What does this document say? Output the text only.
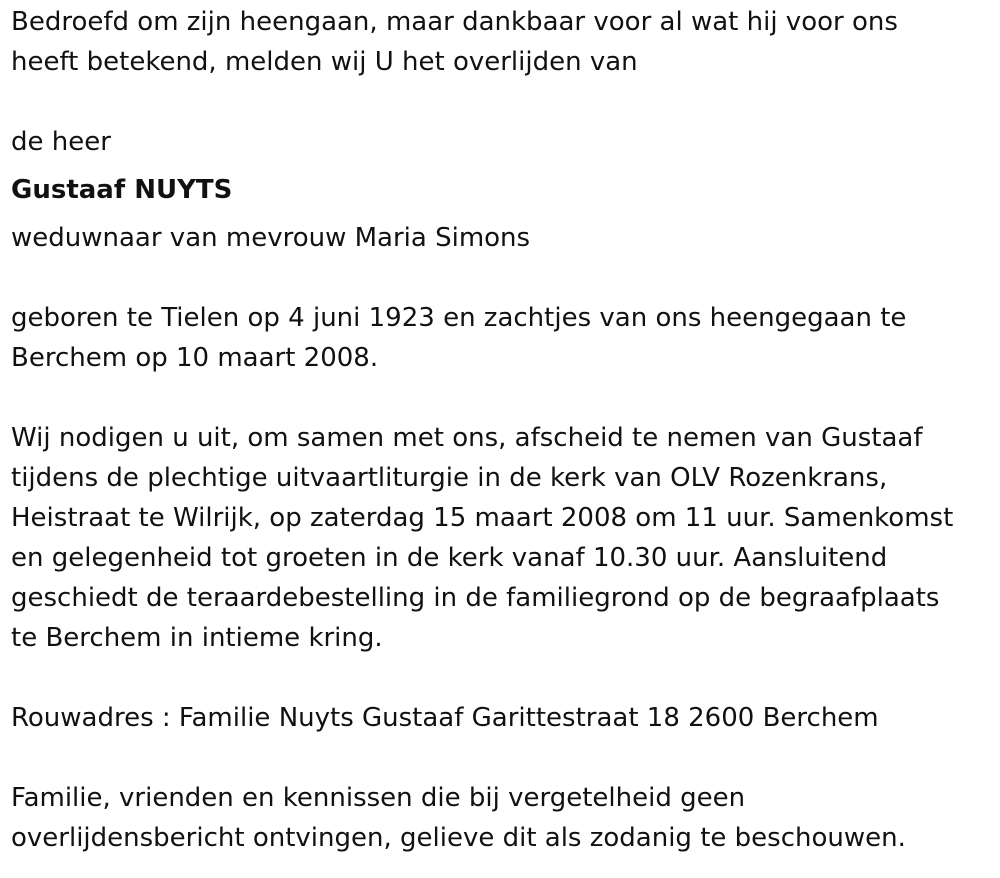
Bedroefd om zijn heengaan, maar dankbaar voor al wat hij voor ons

heeft betekend, melden wij U het overlijden van

de heer

Gustaaf NUYTS

weduwnaar van mevrouw Maria Simons

geboren te Tielen op 4 juni 1923 en zachtjes van ons heengegaan te

Berchem op 10 maart 2008.

Wij nodigen u uit, om samen met ons, afscheid te nemen van Gustaaf

tijdens de plechtige uitvaartliturgie in de kerk van OLV Rozenkrans,

Heistraat te Wilrijk, op zaterdag 15 maart 2008 om 11 uur. Samenkomst

en gelegenheid tot groeten in de kerk vanaf 10.30 uur. Aansluitend

geschiedt de teraardebestelling in de familiegrond op de begraafplaats

te Berchem in intieme kring.

Rouwadres : Familie Nuyts Gustaaf Garittestraat 18 2600 Berchem

Familie, vrienden en kennissen die bij vergetelheid geen

overlijdensbericht ontvingen, gelieve dit als zodanig te beschouwen.
